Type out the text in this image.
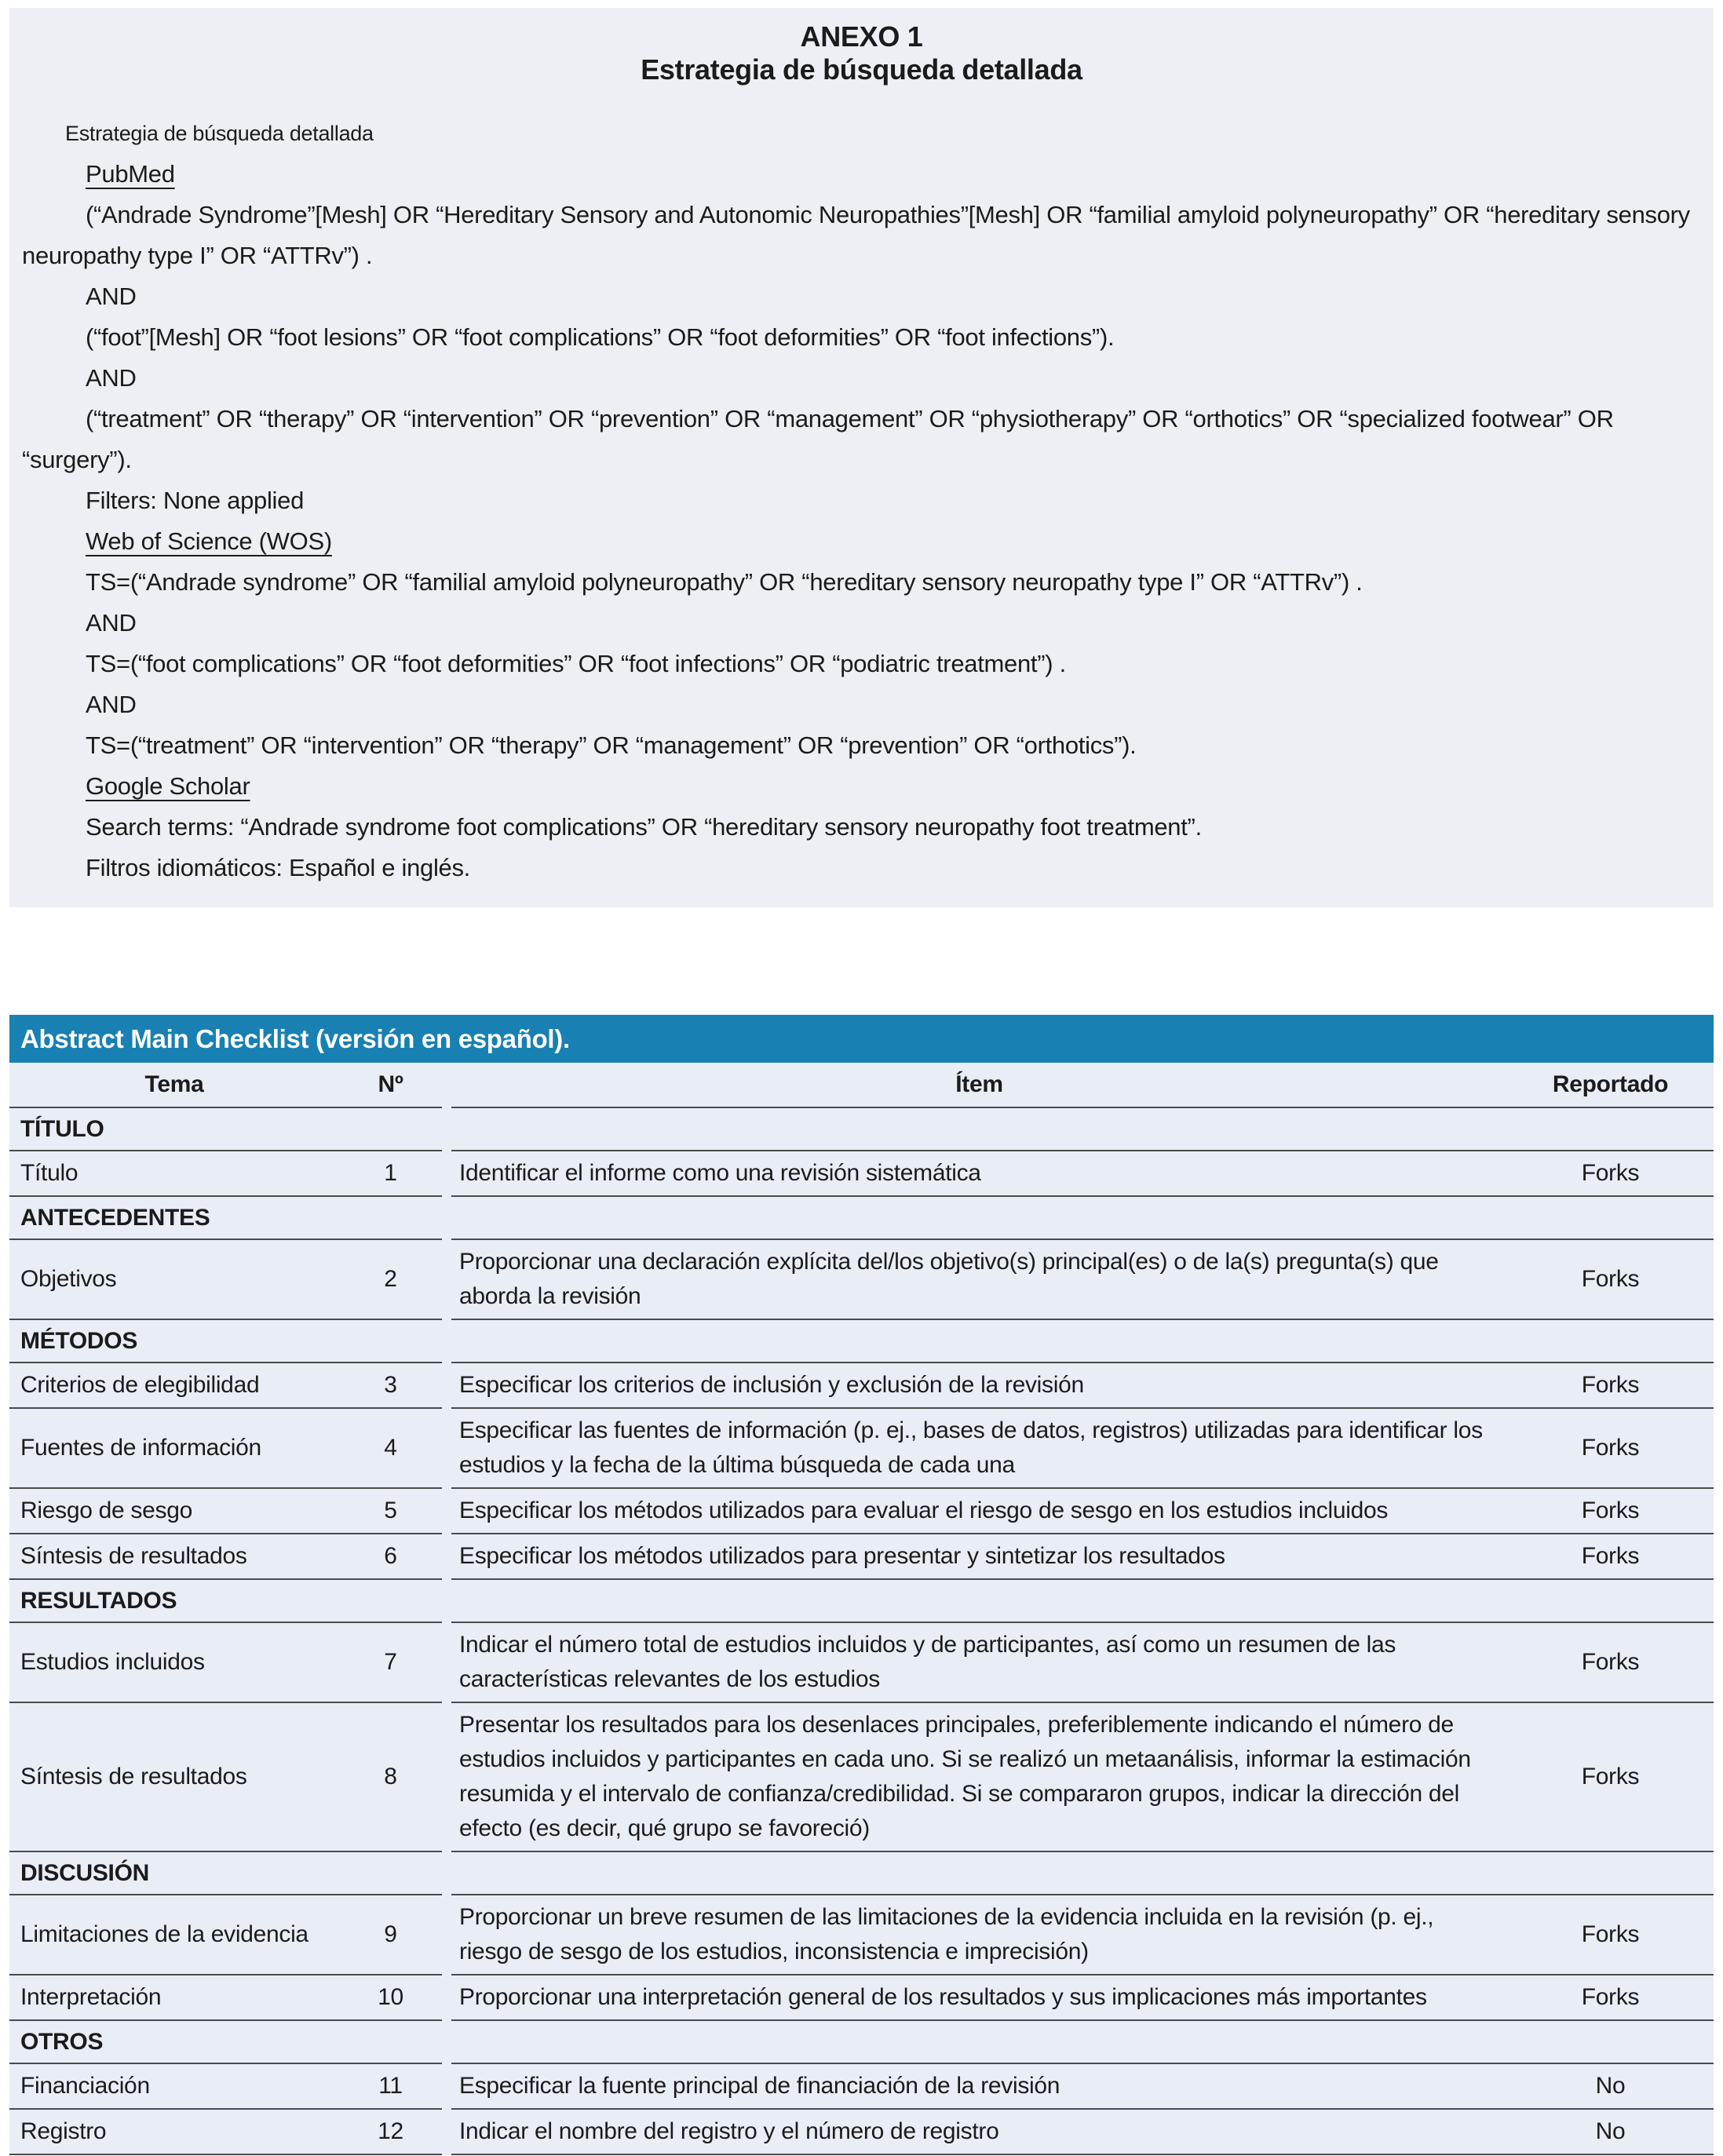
ANEXO 1
Estrategia de búsqueda detallada

Estrategia de búsqueda detallada

PubMed

(“Andrade Syndrome”[Mesh] OR “Hereditary Sensory and Autonomic Neuropathies”[Mesh] OR “familial amyloid polyneuropathy” OR “hereditary sensory neuropathy type I” OR “ATTRv”) .

AND

(“foot”[Mesh] OR “foot lesions” OR “foot complications” OR “foot deformities” OR “foot infections”).

AND

(“treatment” OR “therapy” OR “intervention” OR “prevention” OR “management” OR “physiotherapy” OR “orthotics” OR “specialized footwear” OR “surgery”).

Filters: None applied

Web of Science (WOS)

TS=(“Andrade syndrome” OR “familial amyloid polyneuropathy” OR “hereditary sensory neuropathy type I” OR “ATTRv”) .

AND

TS=(“foot complications” OR “foot deformities” OR “foot infections” OR “podiatric treatment”) .

AND

TS=(“treatment” OR “intervention” OR “therapy” OR “management” OR “prevention” OR “orthotics”).

Google Scholar

Search terms: “Andrade syndrome foot complications” OR “hereditary sensory neuropathy foot treatment”.

Filtros idiomáticos: Español e inglés.

Abstract Main Checklist (versión en español).				
Tema	Nº		Ítem	Reportado
TÍTULO				
Título	1		Identificar el informe como una revisión sistemática	Forks
ANTECEDENTES				
Objetivos	2		Proporcionar una declaración explícita del/los objetivo(s) principal(es) o de la(s) pregunta(s) que aborda la revisión	Forks
MÉTODOS				
Criterios de elegibilidad	3		Especificar los criterios de inclusión y exclusión de la revisión	Forks
Fuentes de información	4		Especificar las fuentes de información (p. ej., bases de datos, registros) utilizadas para identificar los estudios y la fecha de la última búsqueda de cada una	Forks
Riesgo de sesgo	5		Especificar los métodos utilizados para evaluar el riesgo de sesgo en los estudios incluidos	Forks
Síntesis de resultados	6		Especificar los métodos utilizados para presentar y sintetizar los resultados	Forks
RESULTADOS				
Estudios incluidos	7		Indicar el número total de estudios incluidos y de participantes, así como un resumen de las características relevantes de los estudios	Forks
Síntesis de resultados	8		Presentar los resultados para los desenlaces principales, preferiblemente indicando el número de estudios incluidos y participantes en cada uno. Si se realizó un metaanálisis, informar la estimación resumida y el intervalo de confianza/credibilidad. Si se compararon grupos, indicar la dirección del efecto (es decir, qué grupo se favoreció)	Forks
DISCUSIÓN				
Limitaciones de la evidencia	9		Proporcionar un breve resumen de las limitaciones de la evidencia incluida en la revisión (p. ej., riesgo de sesgo de los estudios, inconsistencia e imprecisión)	Forks
Interpretación	10		Proporcionar una interpretación general de los resultados y sus implicaciones más importantes	Forks
OTROS				
Financiación	11		Especificar la fuente principal de financiación de la revisión	No
Registro	12		Indicar el nombre del registro y el número de registro	No
